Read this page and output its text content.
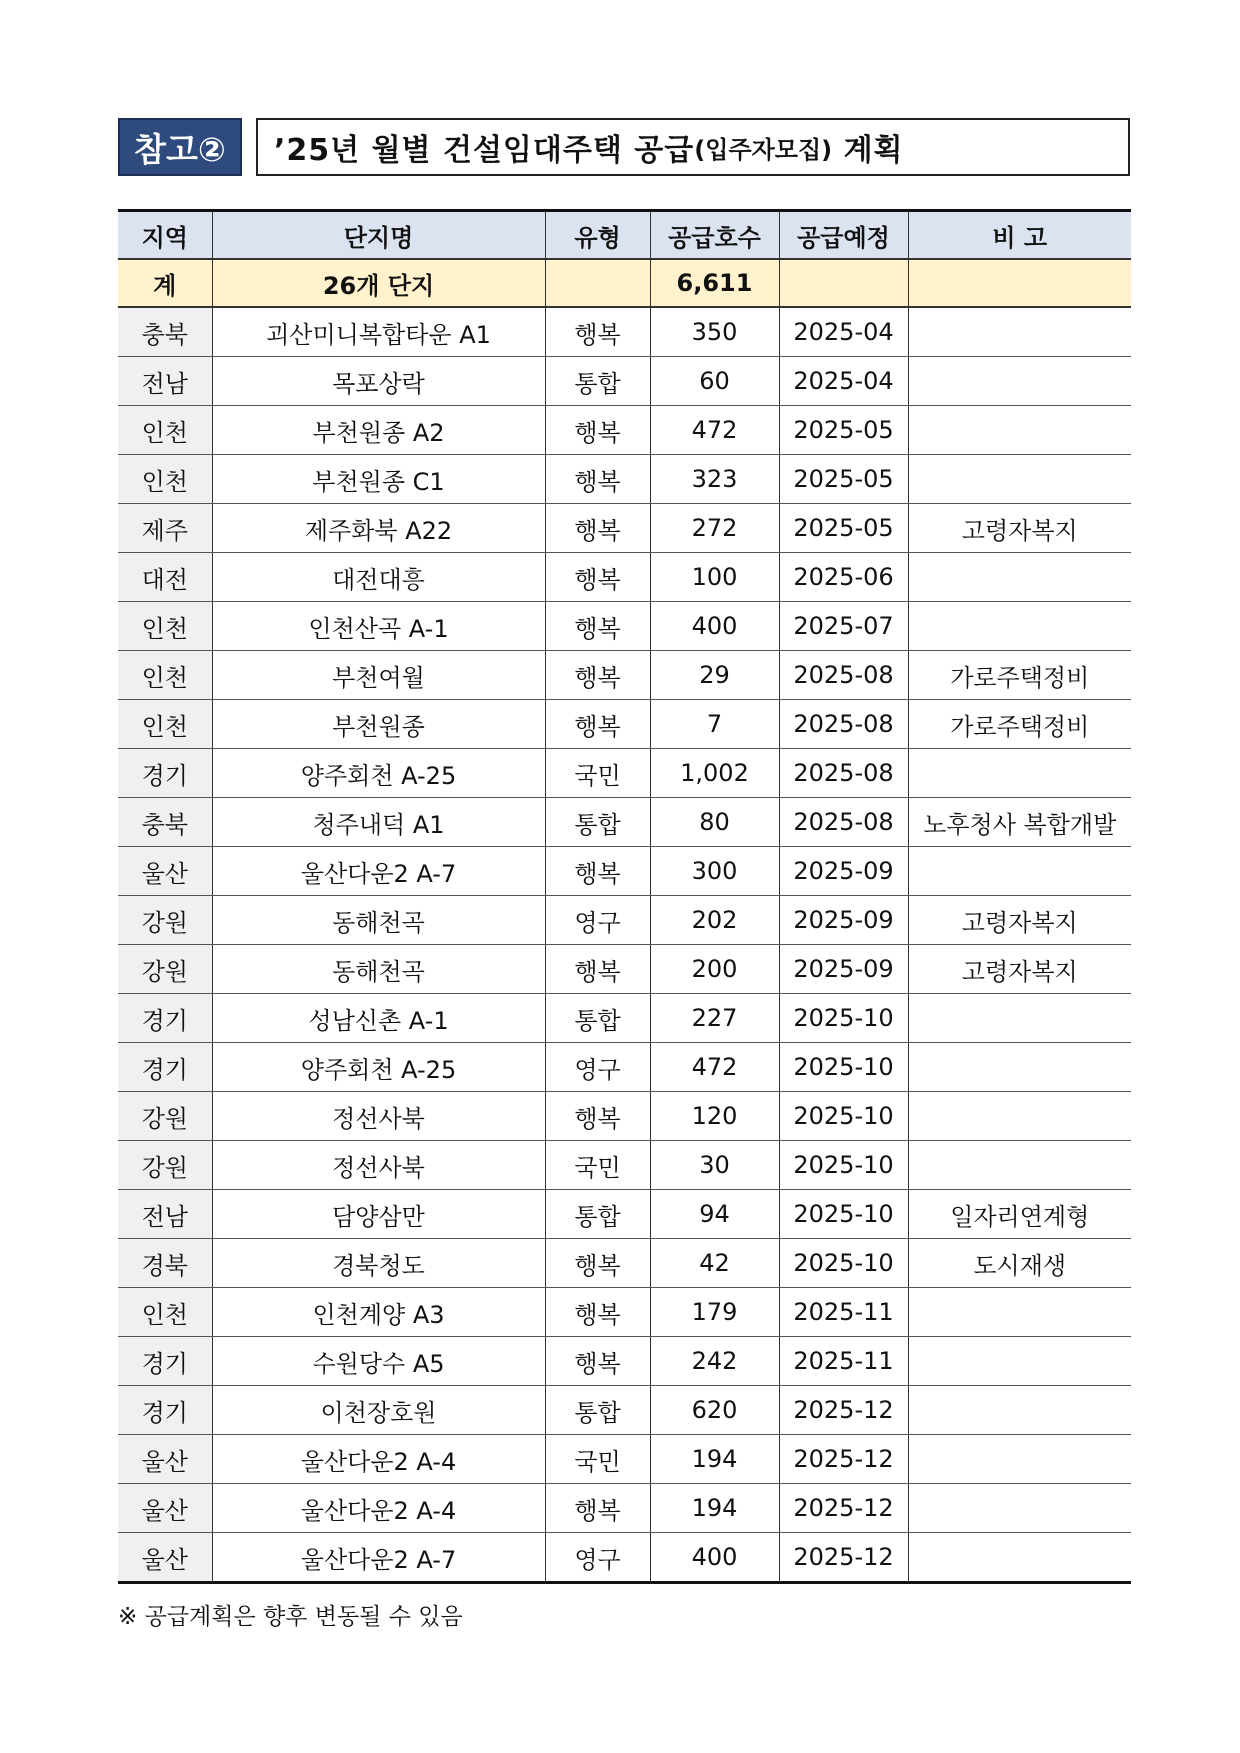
참고②	’25년 월별 건설임대주택 공급 (입주자모집) 계획
지역	단지명	유형	공급호수	공급예정	비 고
계	26개 단지		6,611		
충북	괴산미니복합타운 A1	행복	350	2025-04	
전남	목포상락	통합	60	2025-04	
인천	부천원종 A2	행복	472	2025-05	
인천	부천원종 C1	행복	323	2025-05	
제주	제주화북 A22	행복	272	2025-05	고령자복지
대전	대전대흥	행복	100	2025-06	
인천	인천산곡 A-1	행복	400	2025-07	
인천	부천여월	행복	29	2025-08	가로주택정비
인천	부천원종	행복	7	2025-08	가로주택정비
경기	양주회천 A-25	국민	1,002	2025-08	
충북	청주내덕 A1	통합	80	2025-08	노후청사 복합개발
울산	울산다운2 A-7	행복	300	2025-09	
강원	동해천곡	영구	202	2025-09	고령자복지
강원	동해천곡	행복	200	2025-09	고령자복지
경기	성남신촌 A-1	통합	227	2025-10	
경기	양주회천 A-25	영구	472	2025-10	
강원	정선사북	행복	120	2025-10	
강원	정선사북	국민	30	2025-10	
전남	담양삼만	통합	94	2025-10	일자리연계형
경북	경북청도	행복	42	2025-10	도시재생
인천	인천계양 A3	행복	179	2025-11	
경기	수원당수 A5	행복	242	2025-11	
경기	이천장호원	통합	620	2025-12	
울산	울산다운2 A-4	국민	194	2025-12	
울산	울산다운2 A-4	행복	194	2025-12	
울산	울산다운2 A-7	영구	400	2025-12	
※ 공급계획은 향후 변동될 수 있음
